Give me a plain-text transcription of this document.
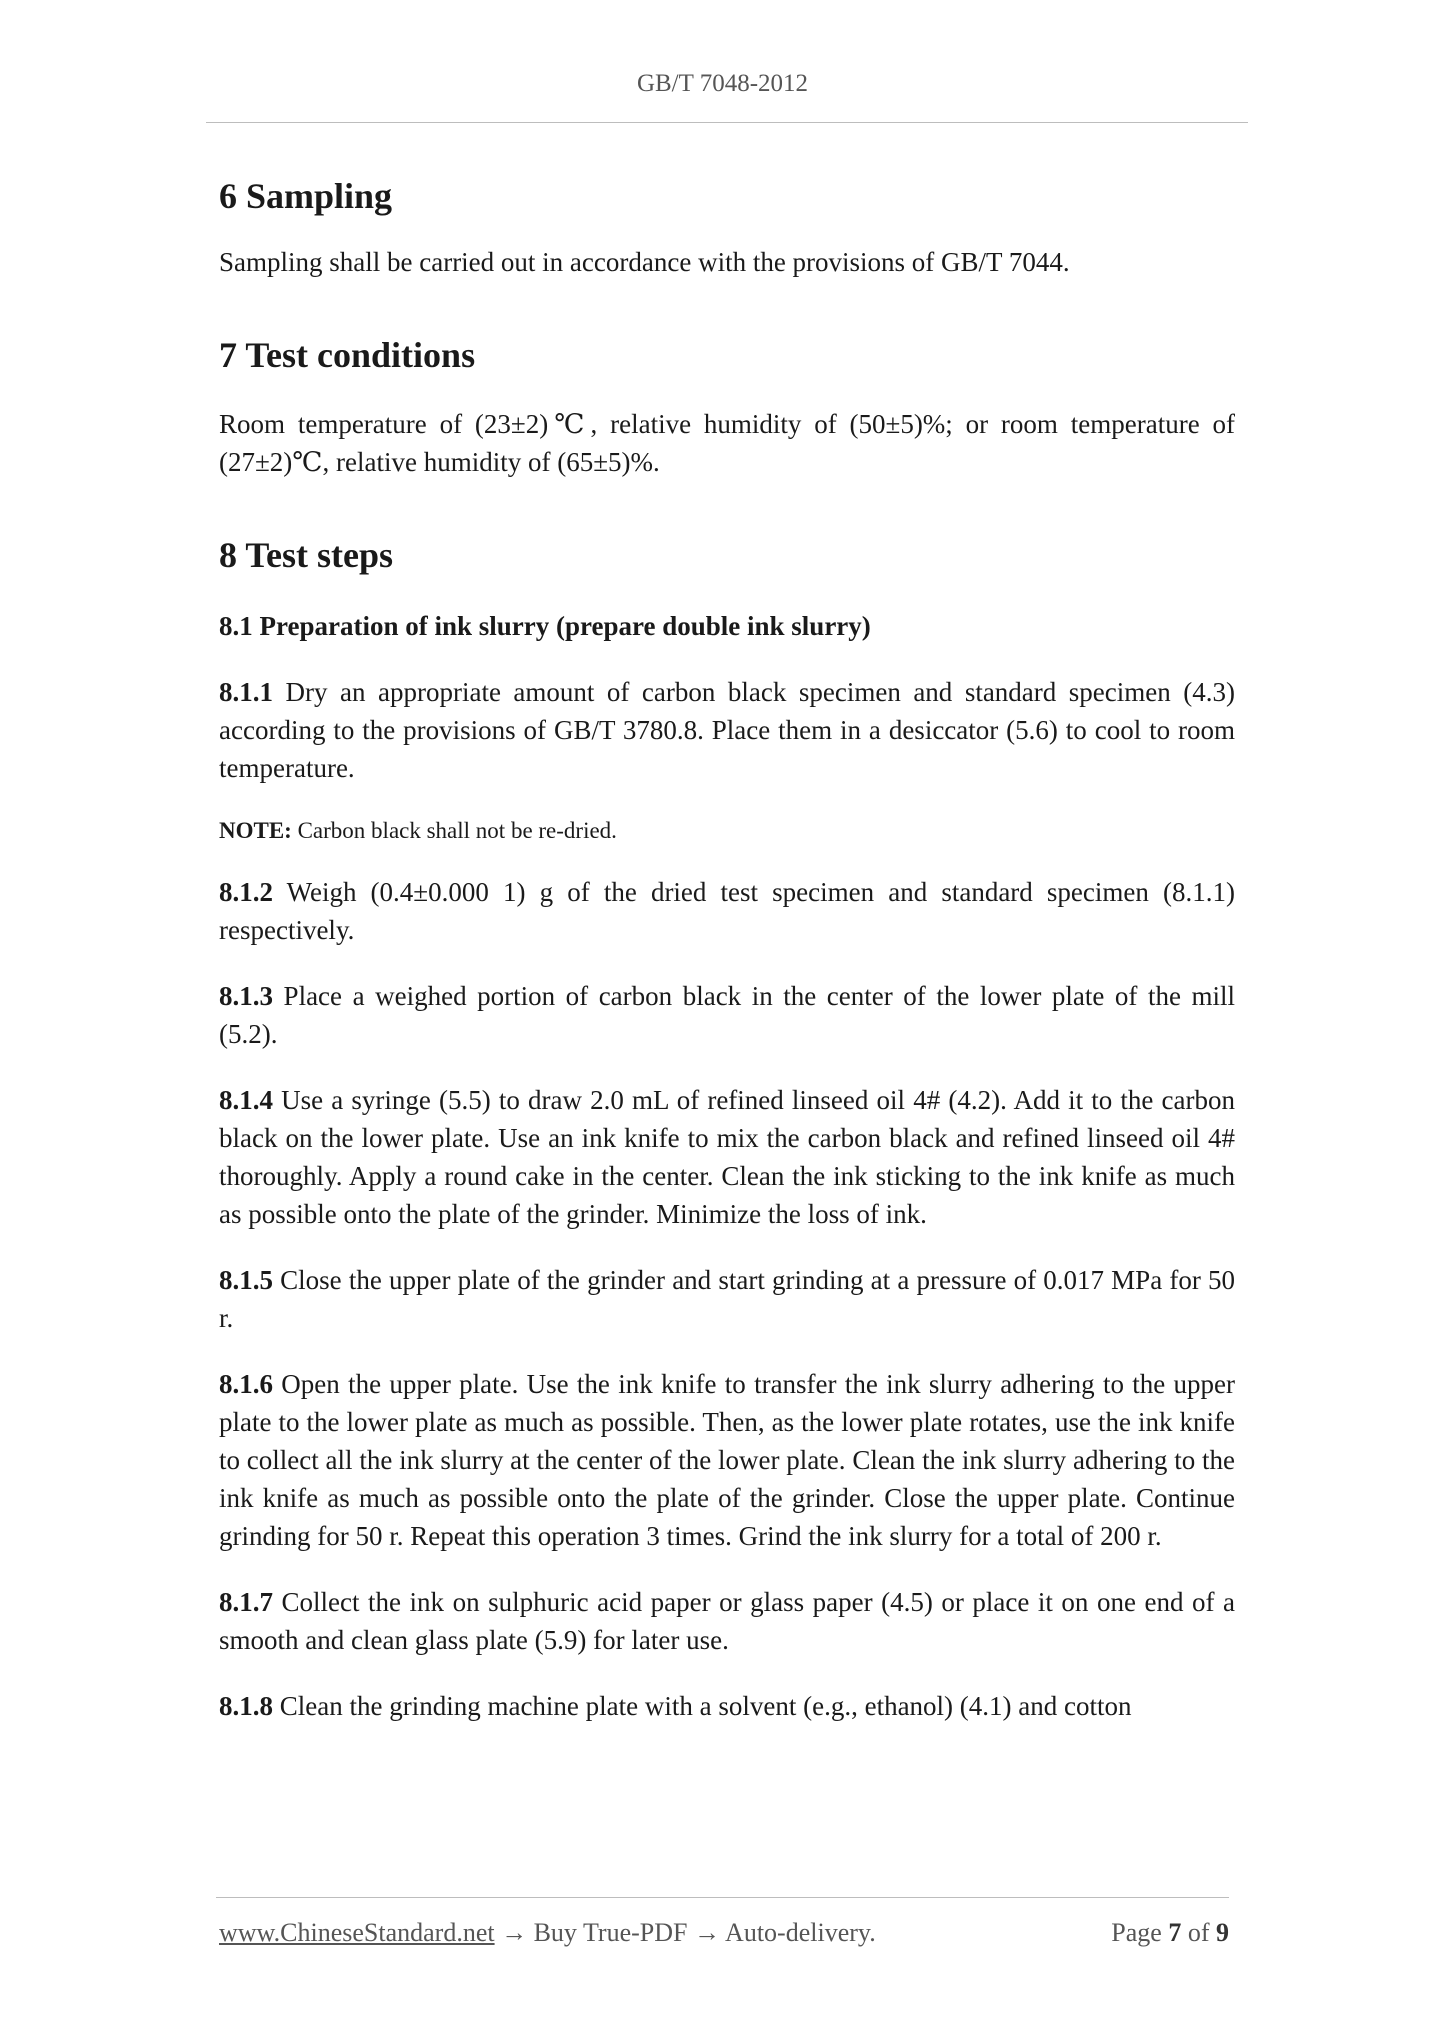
GB/T 7048-2012
6 Sampling

Sampling shall be carried out in accordance with the provisions of GB/T 7044.

7 Test conditions

Room temperature of (23±2)℃, relative humidity of (50±5)%; or room temperature of (27±2)℃, relative humidity of (65±5)%.

8 Test steps
8.1 Preparation of ink slurry (prepare double ink slurry)

8.1.1 Dry an appropriate amount of carbon black specimen and standard specimen (4.3) according to the provisions of GB/T 3780.8. Place them in a desiccator (5.6) to cool to room temperature.

NOTE: Carbon black shall not be re-dried.

8.1.2 Weigh (0.4±0.000 1) g of the dried test specimen and standard specimen (8.1.1) respectively.

8.1.3 Place a weighed portion of carbon black in the center of the lower plate of the mill (5.2).

8.1.4 Use a syringe (5.5) to draw 2.0 mL of refined linseed oil 4# (4.2). Add it to the carbon black on the lower plate. Use an ink knife to mix the carbon black and refined linseed oil 4# thoroughly. Apply a round cake in the center. Clean the ink sticking to the ink knife as much as possible onto the plate of the grinder. Minimize the loss of ink.

8.1.5 Close the upper plate of the grinder and start grinding at a pressure of 0.017 MPa for 50 r.

8.1.6 Open the upper plate. Use the ink knife to transfer the ink slurry adhering to the upper plate to the lower plate as much as possible. Then, as the lower plate rotates, use the ink knife to collect all the ink slurry at the center of the lower plate. Clean the ink slurry adhering to the ink knife as much as possible onto the plate of the grinder. Close the upper plate. Continue grinding for 50 r. Repeat this operation 3 times. Grind the ink slurry for a total of 200 r.

8.1.7 Collect the ink on sulphuric acid paper or glass paper (4.5) or place it on one end of a smooth and clean glass plate (5.9) for later use.

8.1.8 Clean the grinding machine plate with a solvent (e.g., ethanol) (4.1) and cotton

www.ChineseStandard.net → Buy True-PDF → Auto-delivery.	Page 7 of 9
